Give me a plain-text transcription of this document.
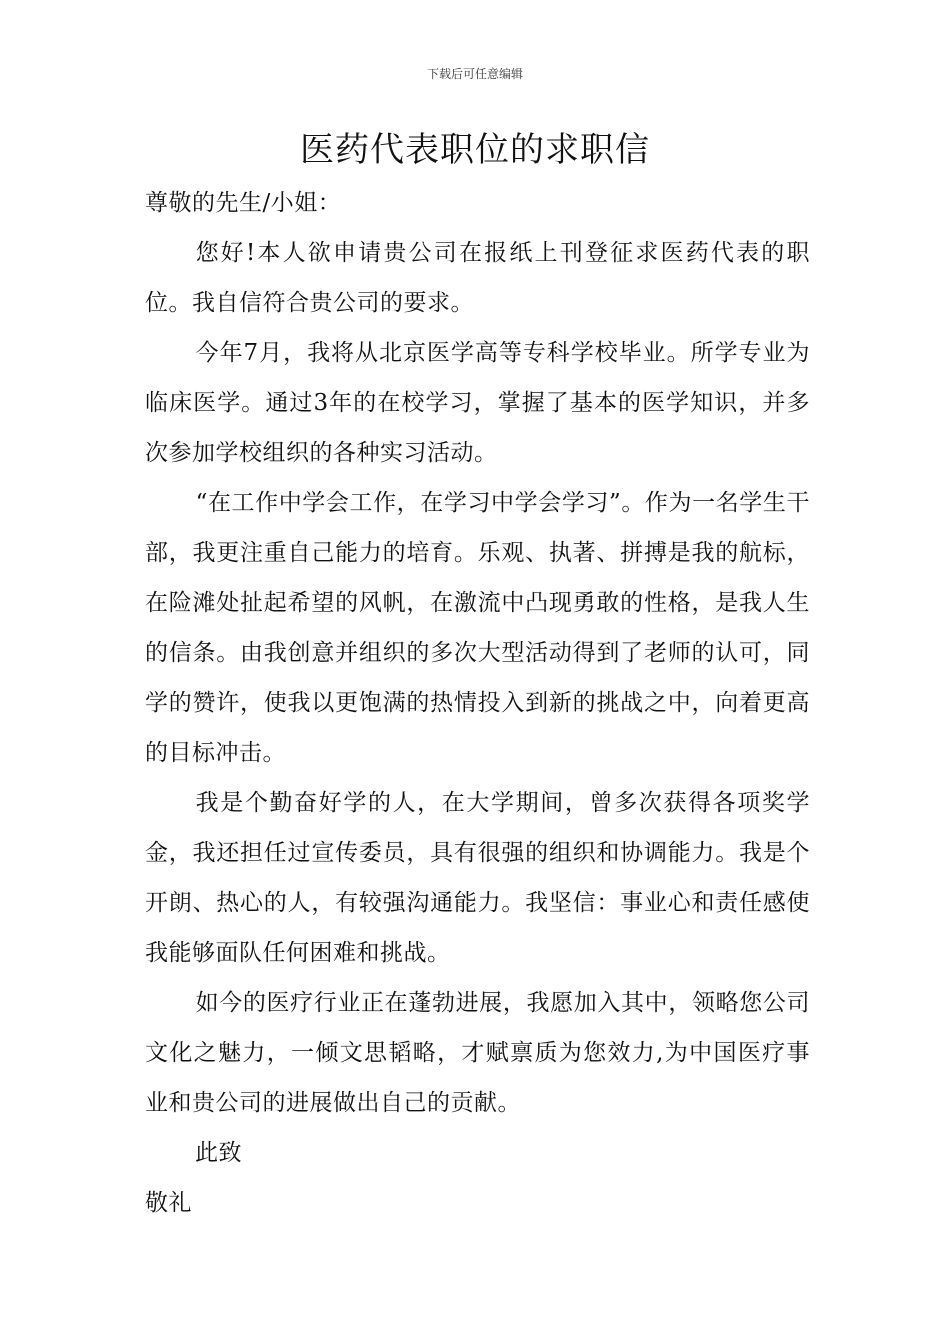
下载后可任意编辑
医药代表职位的求职信

尊敬的先生/小姐：

您好!本人欲申请贵公司在报纸上刊登征求医药代表的职位。我自信符合贵公司的要求。

今年7月，我将从北京医学高等专科学校毕业。所学专业为临床医学。通过3年的在校学习，掌握了基本的医学知识，并多次参加学校组织的各种实习活动。

“在工作中学会工作，在学习中学会学习”。作为一名学生干部，我更注重自己能力的培育。乐观、执著、拼搏是我的航标，在险滩处扯起希望的风帆，在激流中凸现勇敢的性格，是我人生的信条。由我创意并组织的多次大型活动得到了老师的认可，同学的赞许，使我以更饱满的热情投入到新的挑战之中，向着更高的目标冲击。

我是个勤奋好学的人，在大学期间，曾多次获得各项奖学金，我还担任过宣传委员，具有很强的组织和协调能力。我是个开朗、热心的人，有较强沟通能力。我坚信：事业心和责任感使我能够面队任何困难和挑战。

如今的医疗行业正在蓬勃进展，我愿加入其中，领略您公司文化之魅力，一倾文思韬略，才赋禀质为您效力,为中国医疗事业和贵公司的进展做出自己的贡献。

此致

敬礼
